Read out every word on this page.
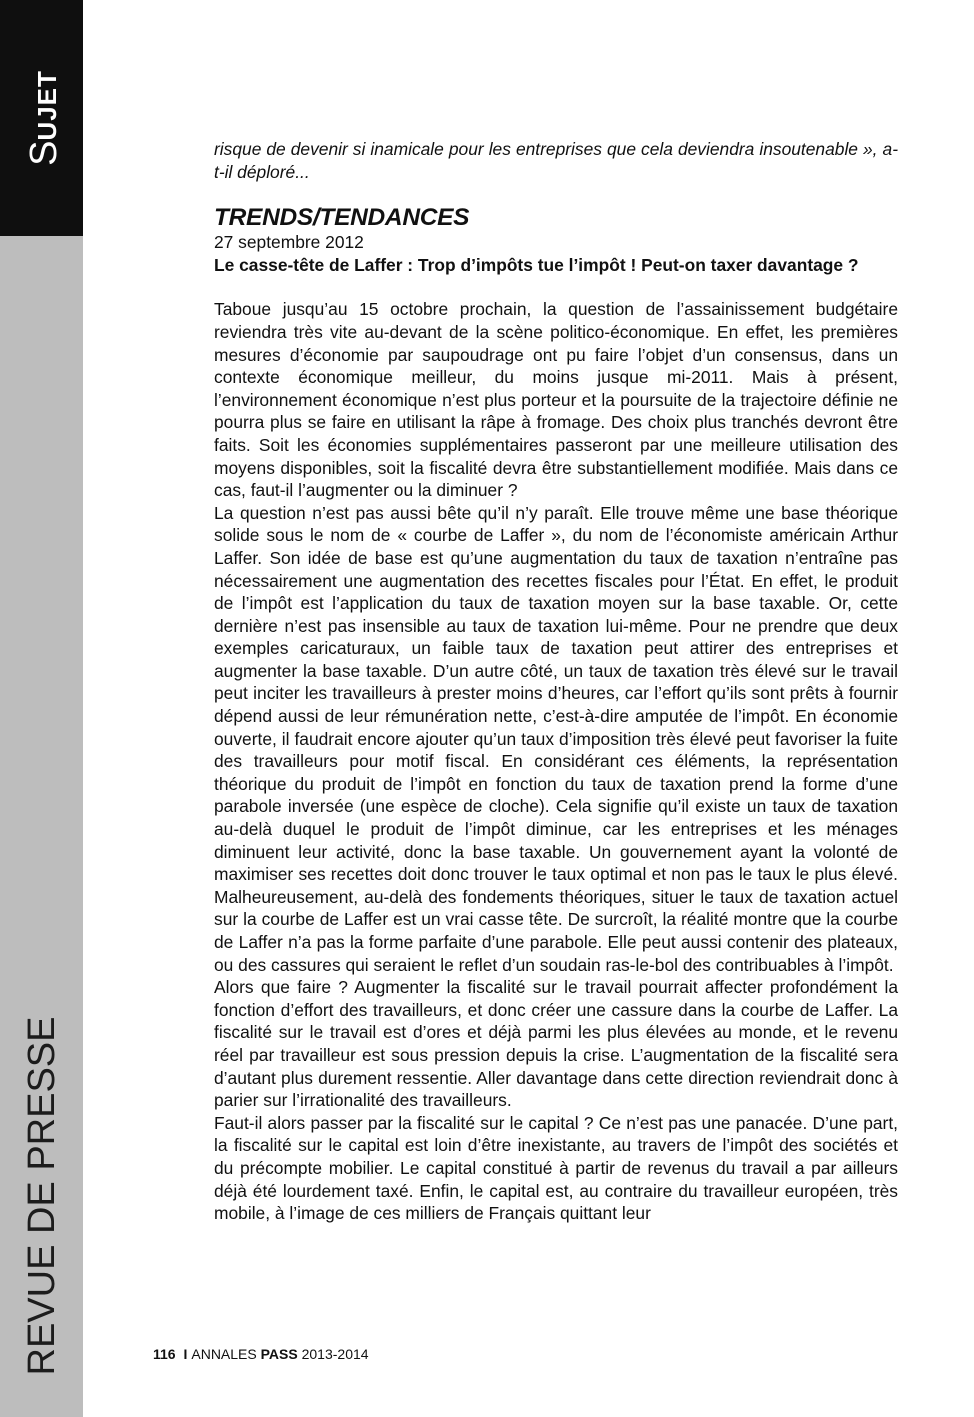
SUJET
REVUE DE PRESSE

risque de devenir si inamicale pour les entreprises que cela deviendra insoutenable », a-t-il déploré...

TRENDS/TENDANCES

27 septembre 2012

Le casse-tête de Laffer : Trop d’impôts tue l’impôt ! Peut-on taxer davantage ?

Taboue jusqu’au 15 octobre prochain, la question de l’assainissement budgétaire reviendra très vite au-devant de la scène politico-économique. En effet, les premières mesures d’économie par saupoudrage ont pu faire l’objet d’un consensus, dans un contexte économique meilleur, du moins jusque mi-2011. Mais à présent, l’environnement économique n’est plus porteur et la poursuite de la trajectoire définie ne pourra plus se faire en utilisant la râpe à fromage. Des choix plus tranchés devront être faits. Soit les économies supplémentaires passeront par une meilleure utilisation des moyens disponibles, soit la fiscalité devra être substantiellement modifiée. Mais dans ce cas, faut-il l’augmenter ou la diminuer ?

La question n’est pas aussi bête qu’il n’y paraît. Elle trouve même une base théorique solide sous le nom de « courbe de Laffer », du nom de l’économiste américain Arthur Laffer. Son idée de base est qu’une augmentation du taux de taxation n’entraîne pas nécessairement une augmentation des recettes fiscales pour l’État. En effet, le produit de l’impôt est l’application du taux de taxation moyen sur la base taxable. Or, cette dernière n’est pas insensible au taux de taxation lui-même. Pour ne prendre que deux exemples caricaturaux, un faible taux de taxation peut attirer des entreprises et augmenter la base taxable. D’un autre côté, un taux de taxation très élevé sur le travail peut inciter les travailleurs à prester moins d’heures, car l’effort qu’ils sont prêts à fournir dépend aussi de leur rémunération nette, c’est-à-dire amputée de l’impôt. En économie ouverte, il faudrait encore ajouter qu’un taux d’imposition très élevé peut favoriser la fuite des travailleurs pour motif fiscal. En considérant ces éléments, la représentation théorique du produit de l’impôt en fonction du taux de taxation prend la forme d’une parabole inversée (une espèce de cloche). Cela signifie qu’il existe un taux de taxation au-delà duquel le produit de l’impôt diminue, car les entreprises et les ménages diminuent leur activité, donc la base taxable. Un gouvernement ayant la volonté de maximiser ses recettes doit donc trouver le taux optimal et non pas le taux le plus élevé. Malheureusement, au-delà des fondements théoriques, situer le taux de taxation actuel sur la courbe de Laffer est un vrai casse tête. De surcroît, la réalité montre que la courbe de Laffer n’a pas la forme parfaite d’une parabole. Elle peut aussi contenir des plateaux, ou des cassures qui seraient le reflet d’un soudain ras-le-bol des contribuables à l’impôt.

Alors que faire ? Augmenter la fiscalité sur le travail pourrait affecter profondément la fonction d’effort des travailleurs, et donc créer une cassure dans la courbe de Laffer. La fiscalité sur le travail est d’ores et déjà parmi les plus élevées au monde, et le revenu réel par travailleur est sous pression depuis la crise. L’augmentation de la fiscalité sera d’autant plus durement ressentie. Aller davantage dans cette direction reviendrait donc à parier sur l’irrationalité des travailleurs.

Faut-il alors passer par la fiscalité sur le capital ? Ce n’est pas une panacée. D’une part, la fiscalité sur le capital est loin d’être inexistante, au travers de l’impôt des sociétés et du précompte mobilier. Le capital constitué à partir de revenus du travail a par ailleurs déjà été lourdement taxé. Enfin, le capital est, au contraire du travailleur européen, très mobile, à l’image de ces milliers de Français quittant leur

116 I ANNALES PASS 2013-2014
